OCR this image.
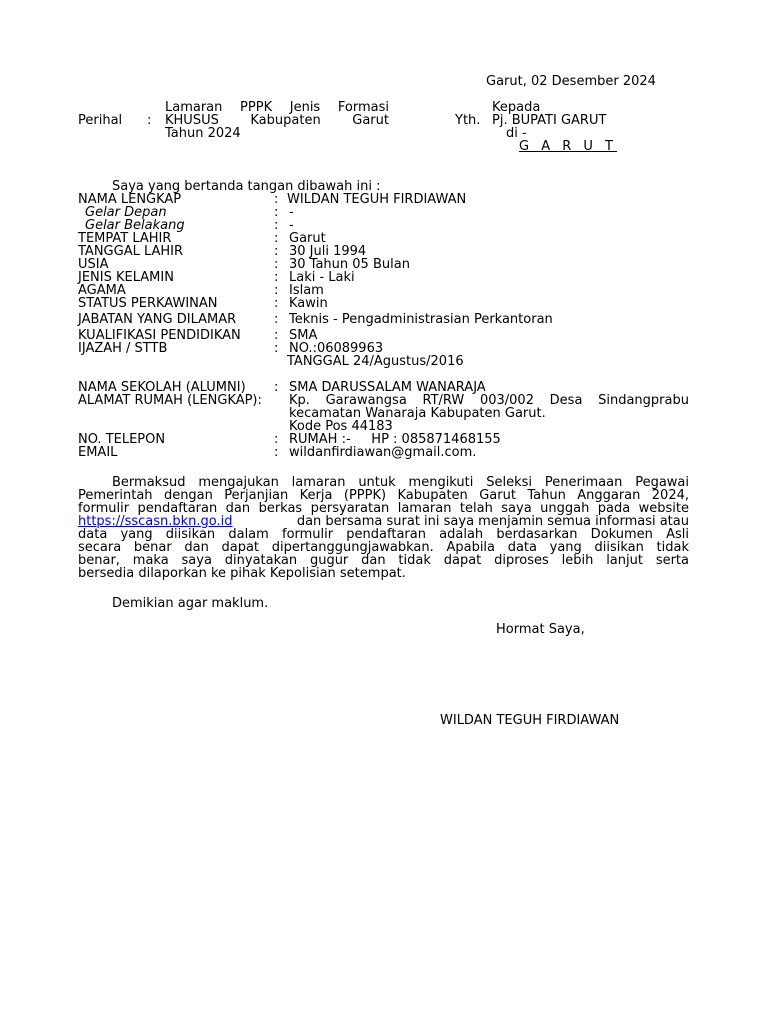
Garut, 02 Desember 2024
Perihal :
Lamaran PPPK Jenis Formasi
KHUSUS Kabupaten Garut
Tahun 2024
Kepada
Yth. Pj. BUPATI GARUT
di -
G A R U T
Saya yang bertanda tangan dibawah ini :
NAMA LENGKAP	: WILDAN TEGUH FIRDIAWAN
Gelar Depan	: -
Gelar Belakang	: -
TEMPAT LAHIR	: Garut
TANGGAL LAHIR	: 30 Juli 1994
USIA	: 30 Tahun 05 Bulan
JENIS KELAMIN	: Laki - Laki
AGAMA	: Islam
STATUS PERKAWINAN	: Kawin
JABATAN YANG DILAMAR	: Teknis - Pengadministrasian Perkantoran
KUALIFIKASI PENDIDIKAN	: SMA
IJAZAH / STTB	: NO.:06089963
TANGGAL 24/Agustus/2016
NAMA SEKOLAH (ALUMNI) : SMA DARUSSALAM WANARAJA
ALAMAT RUMAH (LENGKAP): Kp. Garawangsa RT/RW 003/002 Desa Sindangprabu
kecamatan Wanaraja Kabupaten Garut.
Kode Pos 44183
NO. TELEPON	: RUMAH :-     HP : 085871468155
EMAIL	: wildanfirdiawan@gmail.com.
Bermaksud mengajukan lamaran untuk mengikuti Seleksi Penerimaan Pegawai
Pemerintah dengan Perjanjian Kerja (PPPK) Kabupaten Garut Tahun Anggaran 2024,
formulir pendaftaran dan berkas persyaratan lamaran telah saya unggah pada website
https://sscasn.bkn.go.id	dan bersama surat ini saya menjamin semua informasi atau
data yang diisikan dalam formulir pendaftaran adalah berdasarkan Dokumen Asli
secara benar dan dapat dipertanggungjawabkan. Apabila data yang diisikan tidak
benar, maka saya dinyatakan gugur dan tidak dapat diproses lebih lanjut serta
bersedia dilaporkan ke pihak Kepolisian setempat.
Demikian agar maklum.
Hormat Saya,
WILDAN TEGUH FIRDIAWAN
